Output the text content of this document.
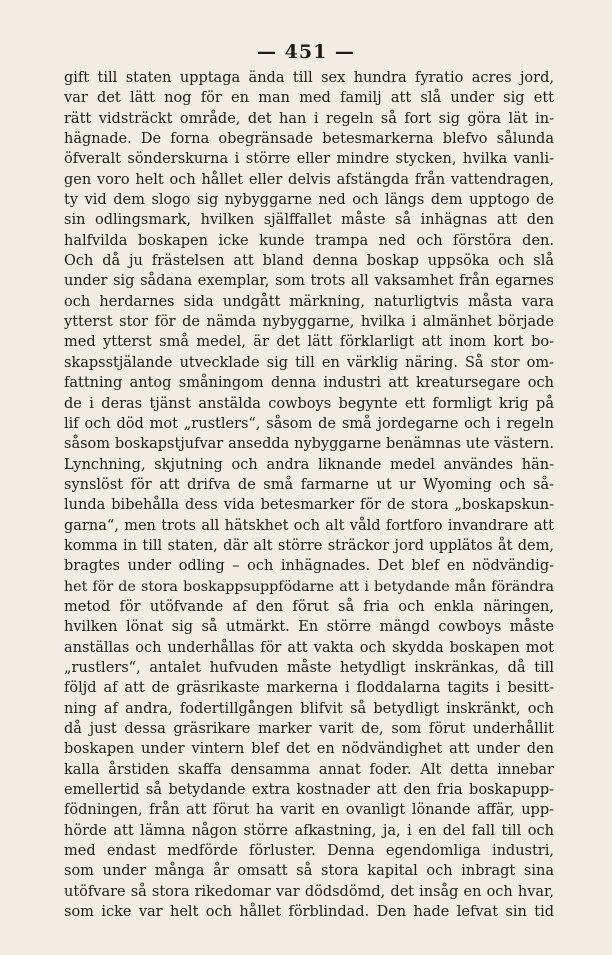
— 451 —
gift till staten upptaga ända till sex hundra fyratio acres jord,
var det lätt nog för en man med familj att slå under sig ett
rätt vidsträckt område, det han i regeln så fort sig göra lät in-
hägnade. De forna obegränsade betesmarkerna blefvo sålunda
öfveralt sönderskurna i större eller mindre stycken, hvilka vanli-
gen voro helt och hållet eller delvis afstängda från vattendragen,
ty vid dem slogo sig nybyggarne ned och längs dem upptogo de
sin odlingsmark, hvilken själffallet måste så inhägnas att den
halfvilda boskapen icke kunde trampa ned och förstöra den.
Och då ju frästelsen att bland denna boskap uppsöka och slå
under sig sådana exemplar, som trots all vaksamhet från egarnes
och herdarnes sida undgått märkning, naturligtvis måsta vara
ytterst stor för de nämda nybyggarne, hvilka i almänhet började
med ytterst små medel, är det lätt förklarligt att inom kort bo-
skapsstjälande utvecklade sig till en värklig näring. Så stor om-
fattning antog småningom denna industri att kreatursegare och
de i deras tjänst anstälda cowboys begynte ett formligt krig på
lif och död mot „rustlers“, såsom de små jordegarne och i regeln
såsom boskapstjufvar ansedda nybyggarne benämnas ute västern.
Lynchning, skjutning och andra liknande medel användes hän-
synslöst för att drifva de små farmarne ut ur Wyoming och så-
lunda bibehålla dess vida betesmarker för de stora „boskapskun-
garna“, men trots all hätskhet och alt våld fortforo invandrare att
komma in till staten, där alt större sträckor jord upplätos åt dem,
bragtes under odling – och inhägnades. Det blef en nödvändig-
het för de stora boskappsuppfödarne att i betydande mån förändra
metod för utöfvande af den förut så fria och enkla näringen,
hvilken lönat sig så utmärkt. En större mängd cowboys måste
anställas och underhållas för att vakta och skydda boskapen mot
„rustlers“, antalet hufvuden måste hetydligt inskränkas, då till
följd af att de gräsrikaste markerna i floddalarna tagits i besitt-
ning af andra, fodertillgången blifvit så betydligt inskränkt, och
då just dessa gräsrikare marker varit de, som förut underhållit
boskapen under vintern blef det en nödvändighet att under den
kalla årstiden skaffa densamma annat foder. Alt detta innebar
emellertid så betydande extra kostnader att den fria boskapupp-
födningen, från att förut ha varit en ovanligt lönande affär, upp-
hörde att lämna någon större afkastning, ja, i en del fall till och
med endast medförde förluster. Denna egendomliga industri,
som under många år omsatt så stora kapital och inbragt sina
utöfvare så stora rikedomar var dödsdömd, det insåg en och hvar,
som icke var helt och hållet förblindad. Den hade lefvat sin tid
